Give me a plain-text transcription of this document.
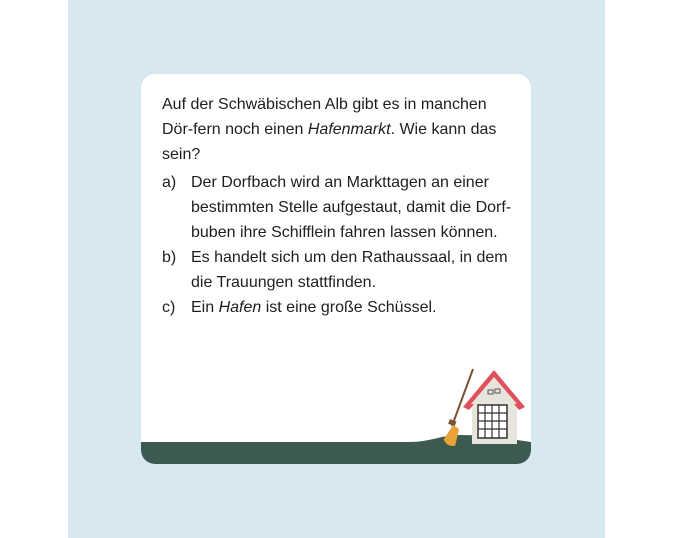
Auf der Schwäbischen Alb gibt es in manchen Dör-fern noch einen Hafenmarkt. Wie kann das sein?

a) Der Dorfbach wird an Markttagen an einer bestimmten Stelle aufgestaut, damit die Dorf-buben ihre Schifflein fahren lassen können.
b) Es handelt sich um den Rathaussaal, in dem die Trauungen stattfinden.
c) Ein Hafen ist eine große Schüssel.
